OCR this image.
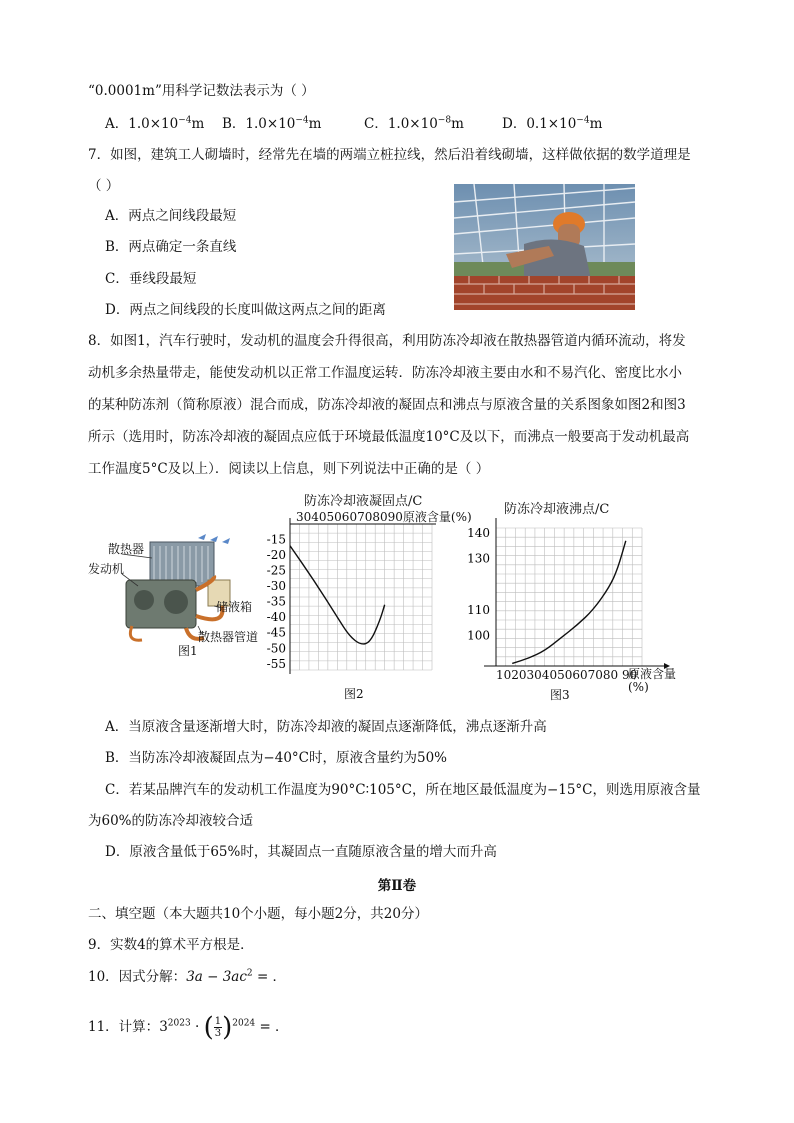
“0.0001m”用科学记数法表示为（ ）
A．$1.0\times 10^{-4}m$ B．$1.0\times 10^{-4}m$	C．$1.0\times 10^{-8}m$	D．$0.1\times 10^{-4}m$
7．如图，建筑工人砌墙时，经常先在墙的两端立桩拉线，然后沿着线砌墙，这样做依据的数学道理是
（ ）
A．两点之间线段最短
B．两点确定一条直线
C．垂线段最短
D．两点之间线段的长度叫做这两点之间的距离
8．如图1，汽车行驶时，发动机的温度会升得很高，利用防冻冷却液在散热器管道内循环流动，将发
动机多余热量带走，能使发动机以正常工作温度运转．防冻冷却液主要由水和不易汽化、密度比水小
的某种防冻剂（简称原液）混合而成，防冻冷却液的凝固点和沸点与原液含量的关系图象如图2和图3
所示（选用时，防冻冷却液的凝固点应低于环境最低温度10°C及以下，而沸点一般要高于发动机最高
工作温度5°C及以上）．阅读以上信息，则下列说法中正确的是（ ）
散热器
发动机
储液箱
散热器管道
图1
防冻冷却液凝固点/C
30405060708090原液含量(%)
-15
-20
-25
-30
-35
-40
-45
-50
-55
图2
防冻冷却液沸点/C
100
110
130
140
1020304050607080 90
原液含量(%)
图3
A．当原液含量逐渐增大时，防冻冷却液的凝固点逐渐降低，沸点逐渐升高
B．当防冻冷却液凝固点为−40°C时，原液含量约为50%
C．若某品牌汽车的发动机工作温度为90°C∶105°C，所在地区最低温度为−15°C，则选用原液含量
为60%的防冻冷却液较合适
D．原液含量低于65%时，其凝固点一直随原液含量的增大而升高
第Ⅱ卷
二、填空题（本大题共10个小题，每小题2分，共20分）
9．实数4的算术平方根是．
10．因式分解：$3a - 3ac^2$ = ．
11．计算：$3^{2023}$ · ( $\frac{1}{3} )^{2024}$ = ．
